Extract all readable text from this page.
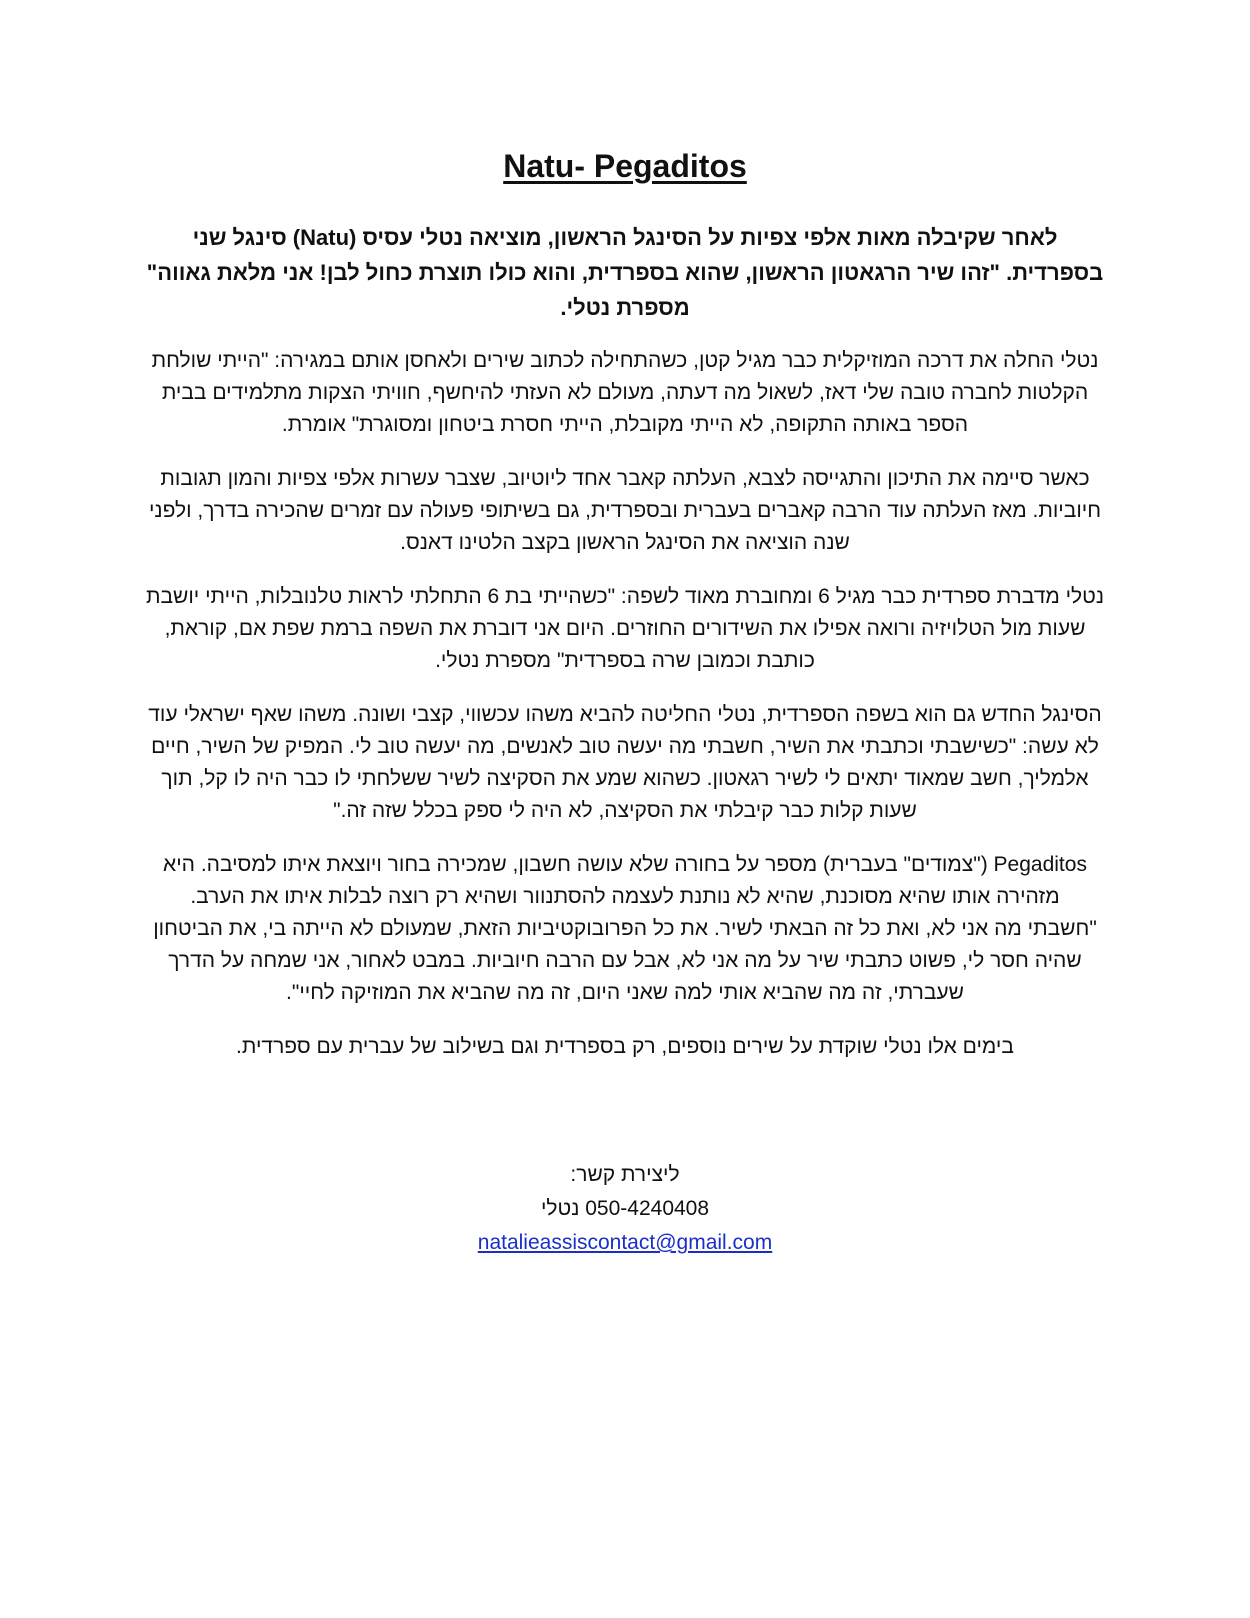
Natu- Pegaditos

לאחר שקיבלה מאות אלפי צפיות על הסינגל הראשון, מוציאה נטלי עסיס (Natu) סינגל שני בספרדית. "זהו שיר הרגאטון הראשון, שהוא בספרדית, והוא כולו תוצרת כחול לבן! אני מלאת גאווה" מספרת נטלי.

נטלי החלה את דרכה המוזיקלית כבר מגיל קטן, כשהתחילה לכתוב שירים ולאחסן אותם במגירה: "הייתי שולחת הקלטות לחברה טובה שלי דאז, לשאול מה דעתה, מעולם לא העזתי להיחשף, חוויתי הצקות מתלמידים בבית הספר באותה התקופה, לא הייתי מקובלת, הייתי חסרת ביטחון ומסוגרת" אומרת.

כאשר סיימה את התיכון והתגייסה לצבא, העלתה קאבר אחד ליוטיוב, שצבר עשרות אלפי צפיות והמון תגובות חיוביות. מאז העלתה עוד הרבה קאברים בעברית ובספרדית, גם בשיתופי פעולה עם זמרים שהכירה בדרך, ולפני שנה הוציאה את הסינגל הראשון בקצב הלטינו דאנס.

נטלי מדברת ספרדית כבר מגיל 6 ומחוברת מאוד לשפה: "כשהייתי בת 6 התחלתי לראות טלנובלות, הייתי יושבת שעות מול הטלויזיה ורואה אפילו את השידורים החוזרים. היום אני דוברת את השפה ברמת שפת אם, קוראת, כותבת וכמובן שרה בספרדית" מספרת נטלי.

הסינגל החדש גם הוא בשפה הספרדית, נטלי החליטה להביא משהו עכשווי, קצבי ושונה. משהו שאף ישראלי עוד לא עשה: "כשישבתי וכתבתי את השיר, חשבתי מה יעשה טוב לאנשים, מה יעשה טוב לי. המפיק של השיר, חיים אלמליך, חשב שמאוד יתאים לי לשיר רגאטון. כשהוא שמע את הסקיצה לשיר ששלחתי לו כבר היה לו קל, תוך שעות קלות כבר קיבלתי את הסקיצה, לא היה לי ספק בכלל שזה זה."

Pegaditos ("צמודים" בעברית) מספר על בחורה שלא עושה חשבון, שמכירה בחור ויוצאת איתו למסיבה. היא מזהירה אותו שהיא מסוכנת, שהיא לא נותנת לעצמה להסתנוור ושהיא רק רוצה לבלות איתו את הערב.

"חשבתי מה אני לא, ואת כל זה הבאתי לשיר. את כל הפרובוקטיביות הזאת, שמעולם לא הייתה בי, את הביטחון שהיה חסר לי, פשוט כתבתי שיר על מה אני לא, אבל עם הרבה חיוביות. במבט לאחור, אני שמחה על הדרך שעברתי, זה מה שהביא אותי למה שאני היום, זה מה שהביא את המוזיקה לחיי".

בימים אלו נטלי שוקדת על שירים נוספים, רק בספרדית וגם בשילוב של עברית עם ספרדית.

ליצירת קשר:
050-4240408 נטלי
natalieassiscontact@gmail.com
